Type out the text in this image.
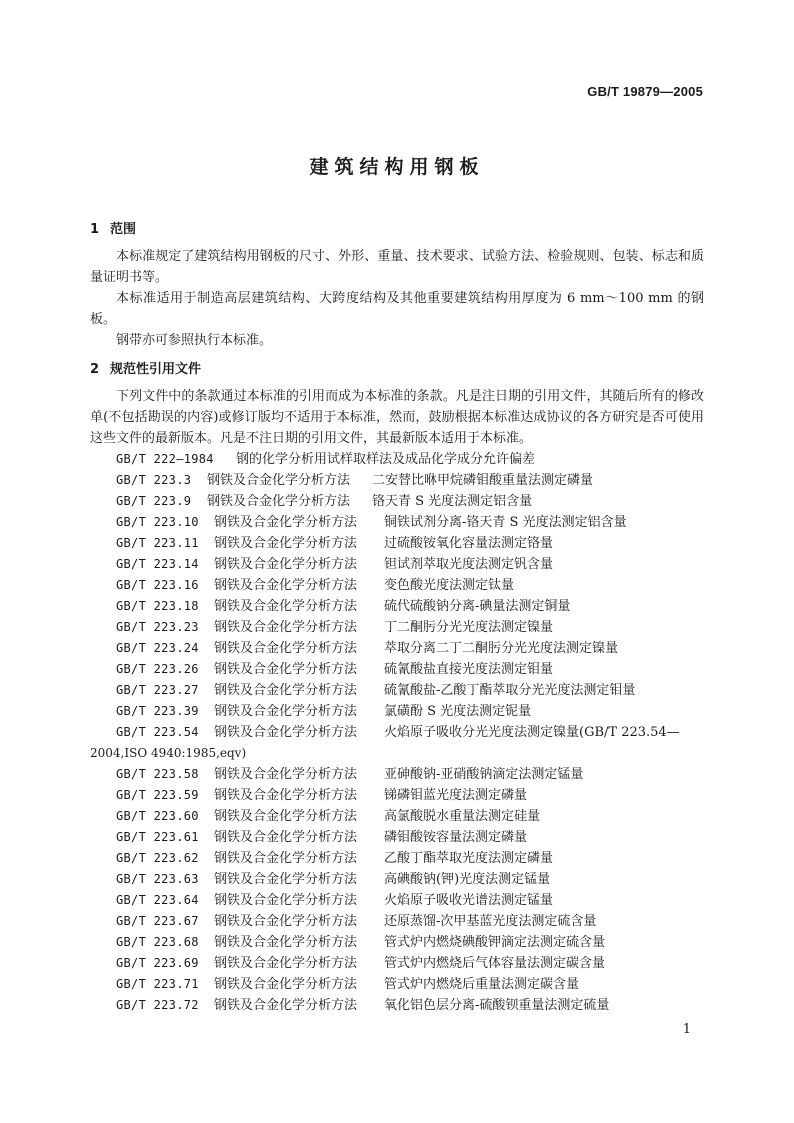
GB/T 19879—2005
建筑结构用钢板
1 范围

本标准规定了建筑结构用钢板的尺寸、外形、重量、技术要求、试验方法、检验规则、包装、标志和质量证明书等。

本标准适用于制造高层建筑结构、大跨度结构及其他重要建筑结构用厚度为 6 mm～100 mm 的钢板。

钢带亦可参照执行本标准。

2 规范性引用文件

下列文件中的条款通过本标准的引用而成为本标准的条款。凡是注日期的引用文件，其随后所有的修改单(不包括勘误的内容)或修订版均不适用于本标准，然而，鼓励根据本标准达成协议的各方研究是否可使用这些文件的最新版本。凡是不注日期的引用文件，其最新版本适用于本标准。

GB/T 222—1984	钢的化学分析用试样取样法及成品化学成分允许偏差
GB/T 223.3	钢铁及合金化学分析方法	二安替比咻甲烷磷钼酸重量法测定磷量
GB/T 223.9	钢铁及合金化学分析方法	铬天青 S 光度法测定铝含量
GB/T 223.10	钢铁及合金化学分析方法	铜铁试剂分离-铬天青 S 光度法测定铝含量
GB/T 223.11	钢铁及合金化学分析方法	过硫酸铵氧化容量法测定铬量
GB/T 223.14	钢铁及合金化学分析方法	钽试剂萃取光度法测定钒含量
GB/T 223.16	钢铁及合金化学分析方法	变色酸光度法测定钛量
GB/T 223.18	钢铁及合金化学分析方法	硫代硫酸钠分离-碘量法测定铜量
GB/T 223.23	钢铁及合金化学分析方法	丁二酮肟分光光度法测定镍量
GB/T 223.24	钢铁及合金化学分析方法	萃取分离二丁二酮肟分光光度法测定镍量
GB/T 223.26	钢铁及合金化学分析方法	硫氰酸盐直接光度法测定钼量
GB/T 223.27	钢铁及合金化学分析方法	硫氰酸盐-乙酸丁酯萃取分光光度法测定钼量
GB/T 223.39	钢铁及合金化学分析方法	氯磺酚 S 光度法测定铌量
GB/T 223.54	钢铁及合金化学分析方法	火焰原子吸收分光光度法测定镍量(GB/T 223.54—
2004,ISO 4940:1985,eqv)
GB/T 223.58	钢铁及合金化学分析方法	亚砷酸钠-亚硝酸钠滴定法测定锰量
GB/T 223.59	钢铁及合金化学分析方法	锑磷钼蓝光度法测定磷量
GB/T 223.60	钢铁及合金化学分析方法	高氯酸脱水重量法测定硅量
GB/T 223.61	钢铁及合金化学分析方法	磷钼酸铵容量法测定磷量
GB/T 223.62	钢铁及合金化学分析方法	乙酸丁酯萃取光度法测定磷量
GB/T 223.63	钢铁及合金化学分析方法	高碘酸钠(钾)光度法测定锰量
GB/T 223.64	钢铁及合金化学分析方法	火焰原子吸收光谱法测定锰量
GB/T 223.67	钢铁及合金化学分析方法	还原蒸馏-次甲基蓝光度法测定硫含量
GB/T 223.68	钢铁及合金化学分析方法	管式炉内燃烧碘酸钾滴定法测定硫含量
GB/T 223.69	钢铁及合金化学分析方法	管式炉内燃烧后气体容量法测定碳含量
GB/T 223.71	钢铁及合金化学分析方法	管式炉内燃烧后重量法测定碳含量
GB/T 223.72	钢铁及合金化学分析方法	氧化铝色层分离-硫酸钡重量法测定硫量
1
